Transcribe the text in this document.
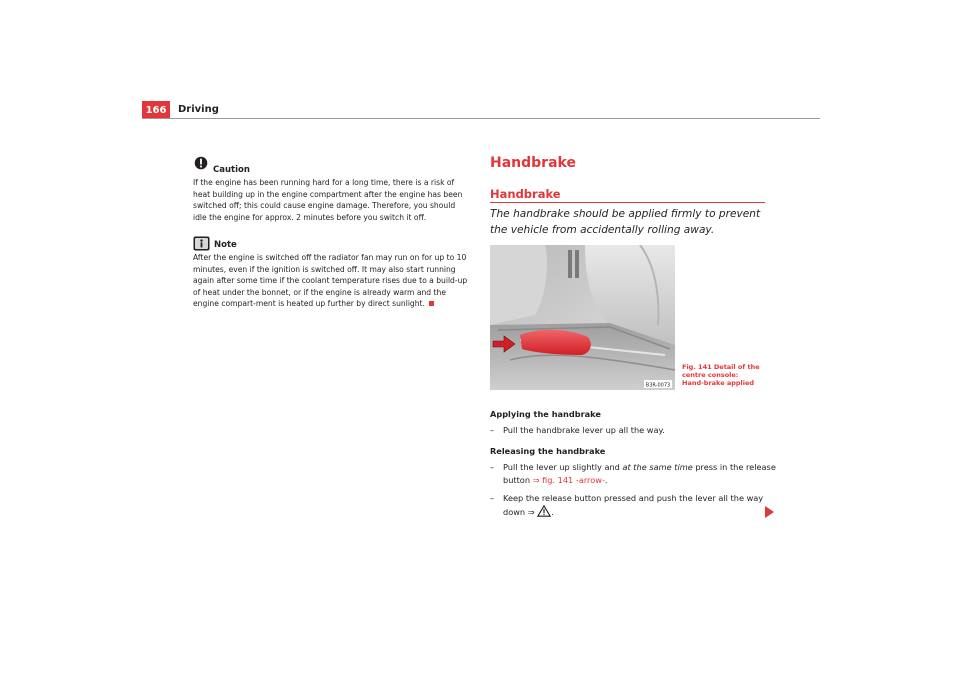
166	Driving
Caution
If the engine has been running hard for a long time, there is a risk of heat building up in the engine compartment after the engine has been switched off; this could cause engine damage. Therefore, you should idle the engine for approx. 2 minutes before you switch it off.
Note
After the engine is switched off the radiator fan may run on for up to 10 minutes, even if the ignition is switched off. It may also start running again after some time if the coolant temperature rises due to a build-up of heat under the bonnet, or if the engine is already warm and the engine compart-ment is heated up further by direct sunlight.
Handbrake
Handbrake
The handbrake should be applied firmly to prevent the vehicle from accidentally rolling away.
B3R-0073
Fig. 141 Detail of the centre console: Hand-brake applied
Applying the handbrake
– Pull the handbrake lever up all the way.
Releasing the handbrake
– Pull the lever up slightly and at the same time press in the release button ⇒ fig. 141 -arrow-.
– Keep the release button pressed and push the lever all the way down ⇒ .
